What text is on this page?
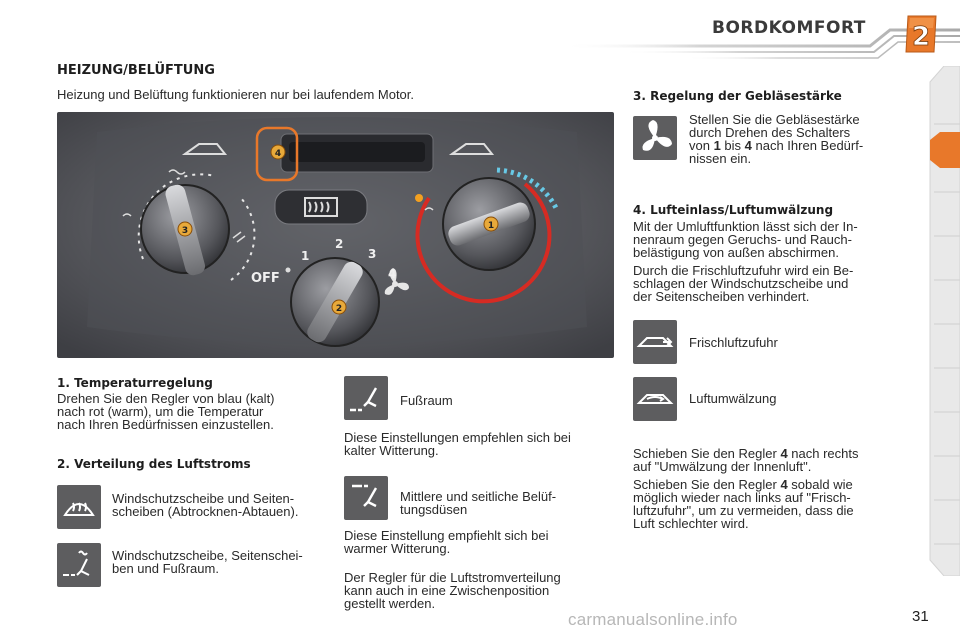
BORDKOMFORT 2
HEIZUNG/BELÜFTUNG
Heizung und Belüftung funktionieren nur bei laufendem Motor.
OFF
1
2
3
4
4
3	1
2
1. Temperaturregelung
Drehen Sie den Regler von blau (kalt)
nach rot (warm), um die Temperatur
nach Ihren Bedürfnissen einzustellen.
2. Verteilung des Luftstroms
Windschutzscheibe und Seiten-
scheiben (Abtrocknen-Abtauen).
Windschutzscheibe, Seitenschei-
ben und Fußraum.
Fußraum
Diese Einstellungen empfehlen sich bei
kalter Witterung.
Mittlere und seitliche Belüf-
tungsdüsen
Diese Einstellung empfiehlt sich bei
warmer Witterung.
Der Regler für die Luftstromverteilung
kann auch in eine Zwischenposition
gestellt werden.
3. Regelung der Gebläsestärke
Stellen Sie die Gebläsestärke
durch Drehen des Schalters
von 1 bis 4 nach Ihren Bedürf-
nissen ein.
4. Lufteinlass/Luftumwälzung
Mit der Umluftfunktion lässt sich der In-
nenraum gegen Geruchs- und Rauch-
belästigung von außen abschirmen.
Durch die Frischluftzufuhr wird ein Be-
schlagen der Windschutzscheibe und
der Seitenscheiben verhindert.
Frischluftzufuhr
Luftumwälzung
Schieben Sie den Regler 4 nach rechts
auf "Umwälzung der Innenluft".
Schieben Sie den Regler 4 sobald wie
möglich wieder nach links auf "Frisch-
luftzufuhr", um zu vermeiden, dass die
Luft schlechter wird.
carmanualsonline.info	31
